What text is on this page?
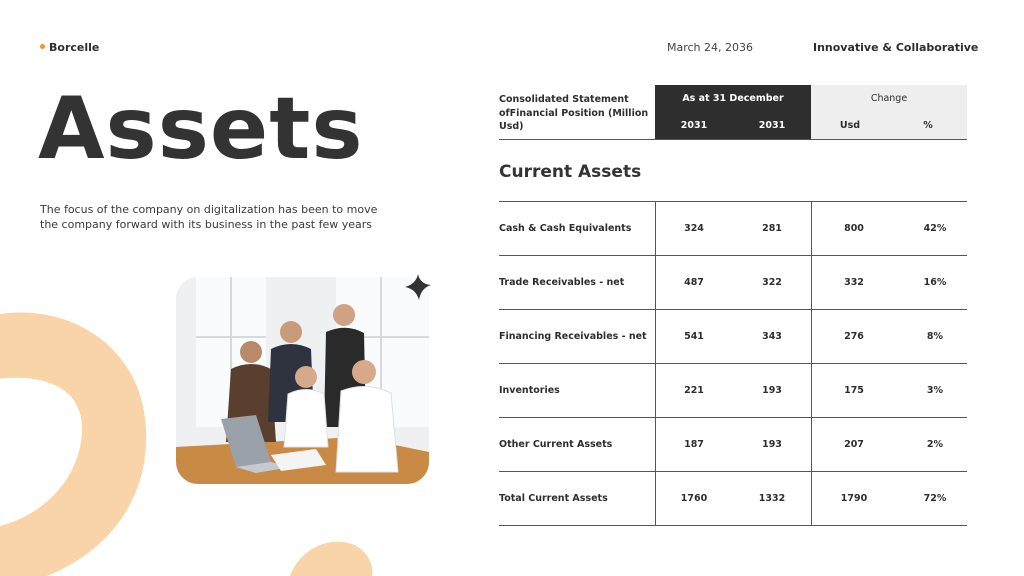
Borcelle	March 24, 2036	Innovative & Collaborative
Assets
The focus of the company on digitalization has been to move the company forward with its business in the past few years
Consolidated Statement ofFinancial Position (Million Usd)
As at 31 December
2031	2031
Change
Usd	%
Current Assets
Cash & Cash Equivalents	324	281	800	42%
Trade Receivables - net	487	322	332	16%
Financing Receivables - net	541	343	276	8%
Inventories	221	193	175	3%
Other Current Assets	187	193	207	2%
Total Current Assets	1760	1332	1790	72%
